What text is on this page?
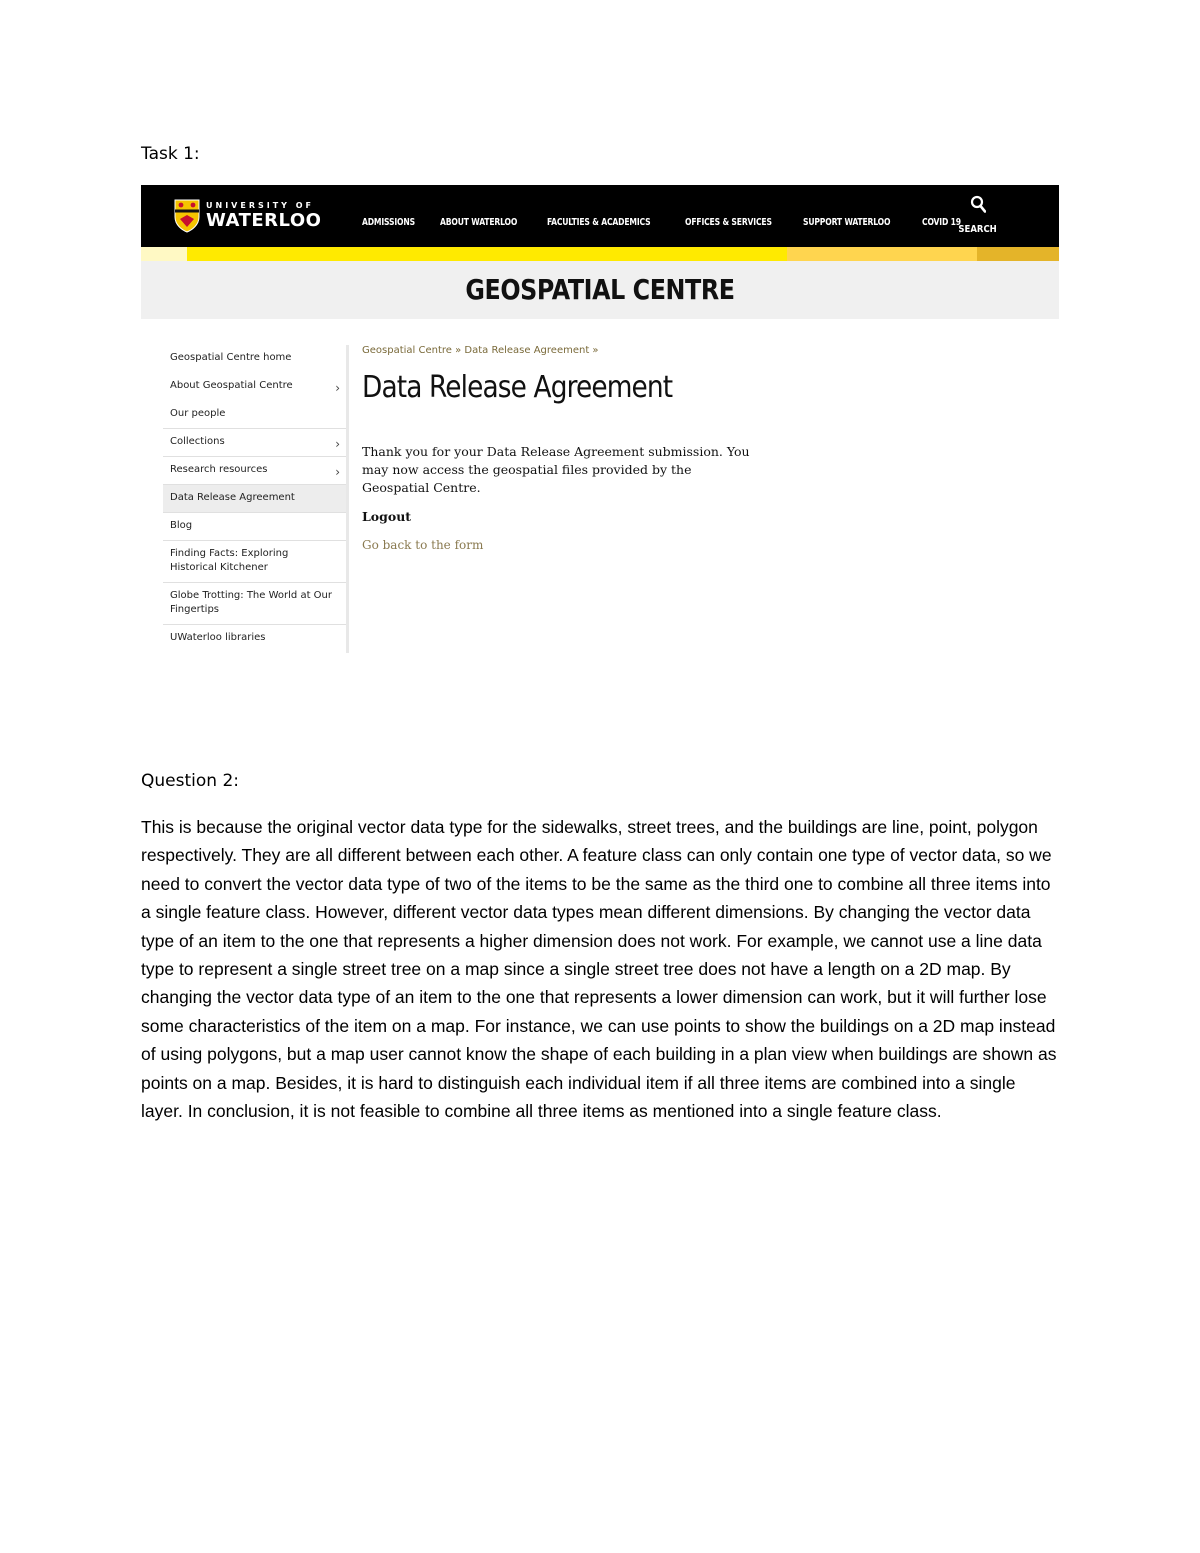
Task 1:

UNIVERSITY OF
WATERLOO	ADMISSIONS	ABOUT WATERLOO	FACULTIES & ACADEMICS	OFFICES & SERVICES	SUPPORT WATERLOO	COVID 19
SEARCH
GEOSPATIAL CENTRE
Geospatial Centre home
About Geospatial Centre	›
Our people
Collections	›
Research resources	›
Data Release Agreement
Blog
Finding Facts: Exploring Historical Kitchener
Globe Trotting: The World at Our Fingertips
UWaterloo libraries

Geospatial Centre » Data Release Agreement »

Data Release Agreement

Thank you for your Data Release Agreement submission. You may now access the geospatial files provided by the Geospatial Centre.

Logout
Go back to the form

Question 2:

This is because the original vector data type for the sidewalks, street trees, and the buildings are line, point, polygon respectively. They are all different between each other. A feature class can only contain one type of vector data, so we need to convert the vector data type of two of the items to be the same as the third one to combine all three items into a single feature class. However, different vector data types mean different dimensions. By changing the vector data type of an item to the one that represents a higher dimension does not work. For example, we cannot use a line data type to represent a single street tree on a map since a single street tree does not have a length on a 2D map. By changing the vector data type of an item to the one that represents a lower dimension can work, but it will further lose some characteristics of the item on a map. For instance, we can use points to show the buildings on a 2D map instead of using polygons, but a map user cannot know the shape of each building in a plan view when buildings are shown as points on a map. Besides, it is hard to distinguish each individual item if all three items are combined into a single layer. In conclusion, it is not feasible to combine all three items as mentioned into a single feature class.
